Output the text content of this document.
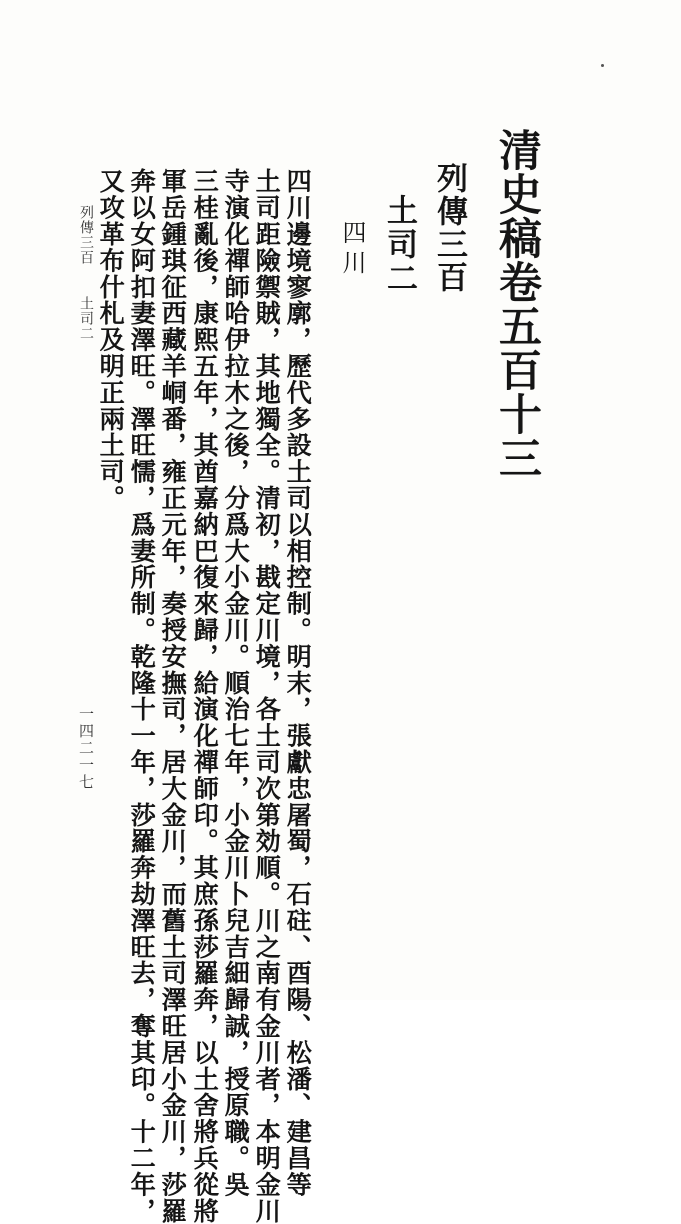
清史稿卷五百十三
列傳三百
土司二
四川

四川邊境寥廓，歷代多設土司以相控制。明末，張獻忠屠蜀，石砫、酉陽、松潘、建昌等

土司距險禦賊，其地獨全。清初，戡定川境，各土司次第効順。川之南有金川者，本明金川

寺演化禪師哈伊拉木之後，分爲大小金川。順治七年，小金川卜兒吉細歸誠，授原職。吳

三桂亂後，康熙五年，其酋嘉納巴復來歸，給演化禪師印。其庶孫莎羅奔，以土舍將兵從將

軍岳鍾琪征西藏羊峒番，雍正元年，奏授安撫司，居大金川，而舊土司澤旺居小金川，莎羅

奔以女阿扣妻澤旺。澤旺懦，爲妻所制。乾隆十一年，莎羅奔劫澤旺去，奪其印。十二年，

又攻革布什札及明正兩土司。

列傳三百
土司二
一四二一七
